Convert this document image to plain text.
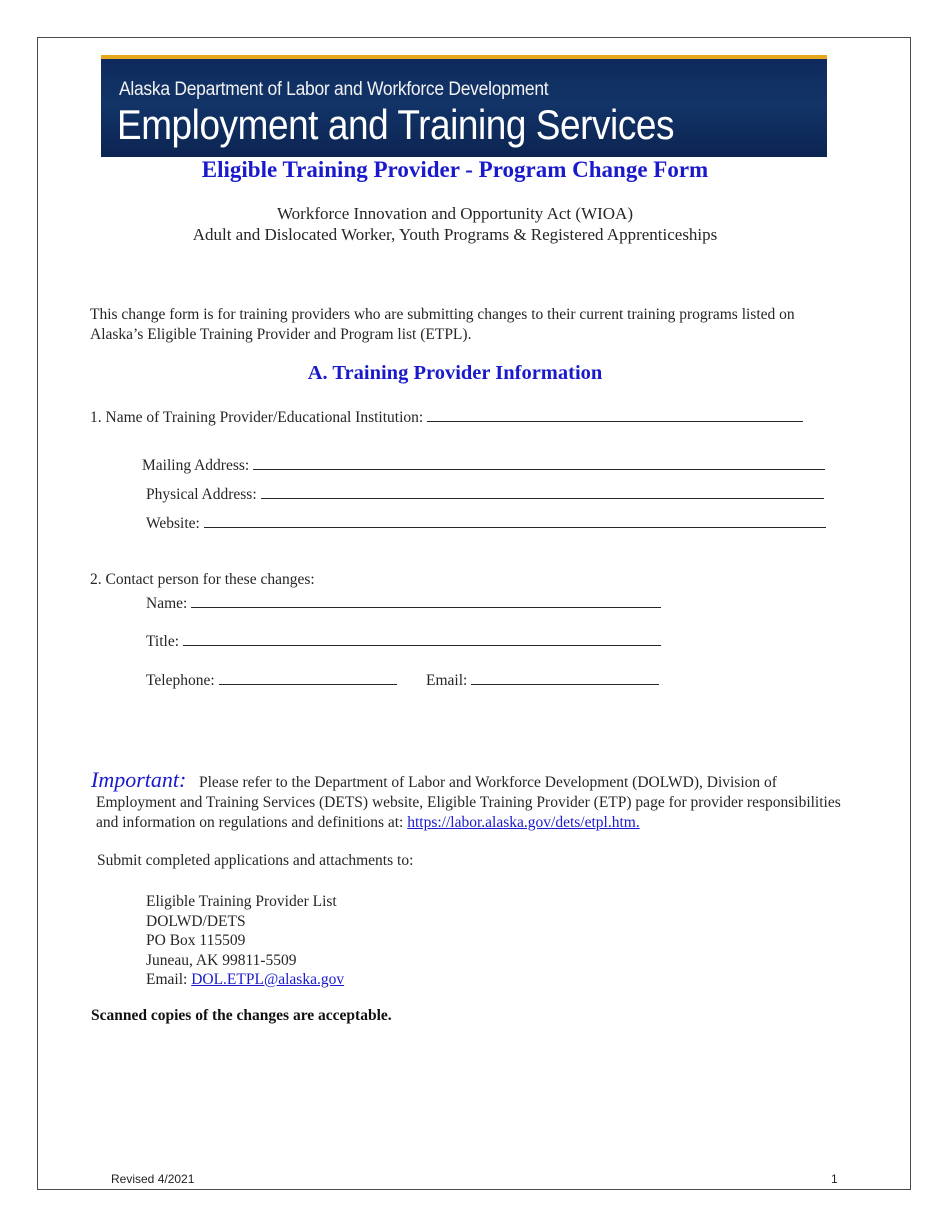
Alaska Department of Labor and Workforce Development
Employment and Training Services
Eligible Training Provider - Program Change Form
Workforce Innovation and Opportunity Act (WIOA)
Adult and Dislocated Worker, Youth Programs & Registered Apprenticeships
This change form is for training providers who are submitting changes to their current training programs listed on Alaska’s Eligible Training Provider and Program list (ETPL).
A. Training Provider Information
1. Name of Training Provider/Educational Institution:
Mailing Address:
Physical Address:
Website:
2. Contact person for these changes:
Name:
Title:
Telephone:	Email:
Important: Please refer to the Department of Labor and Workforce Development (DOLWD), Division of Employment and Training Services (DETS) website, Eligible Training Provider (ETP) page for provider responsibilities and information on regulations and definitions at: https://labor.alaska.gov/dets/etpl.htm.
Submit completed applications and attachments to:
Eligible Training Provider List
DOLWD/DETS
PO Box 115509
Juneau, AK 99811-5509
Email: DOL.ETPL@alaska.gov
Scanned copies of the changes are acceptable.
Revised 4/2021	1
